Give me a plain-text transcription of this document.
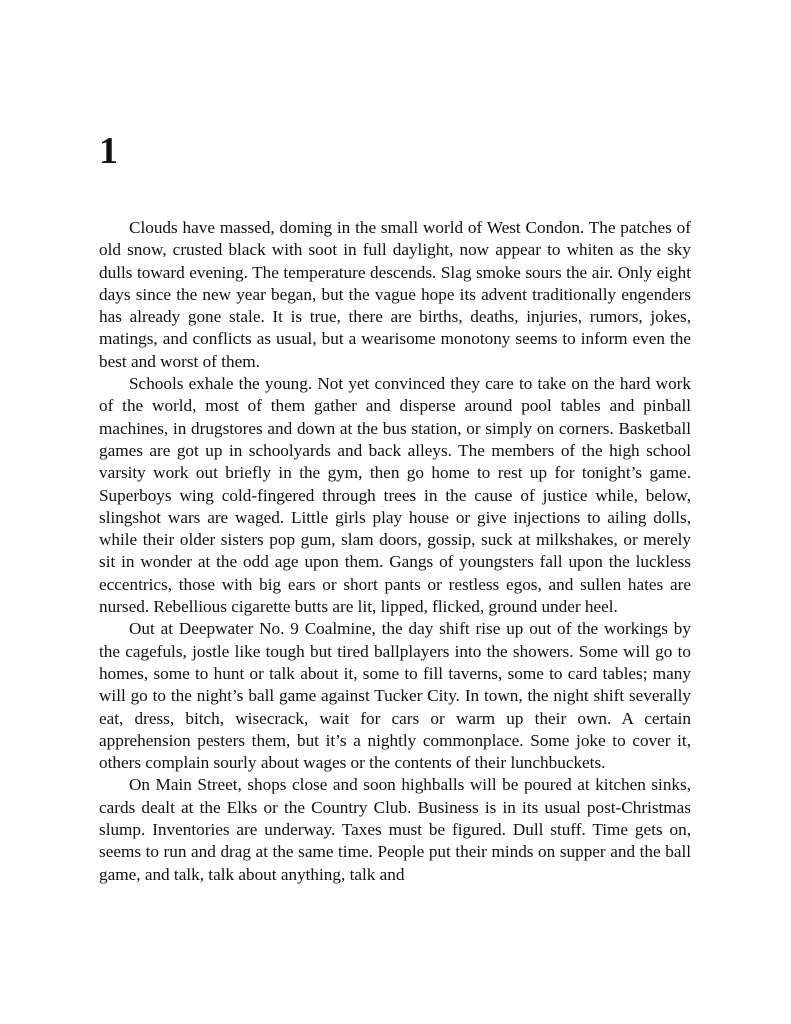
1

Clouds have massed, doming in the small world of West Condon. The patches of old snow, crusted black with soot in full daylight, now appear to whiten as the sky dulls toward evening. The temperature descends. Slag smoke sours the air. Only eight days since the new year began, but the vague hope its advent traditionally engenders has already gone stale. It is true, there are births, deaths, injuries, rumors, jokes, matings, and conflicts as usual, but a wearisome monotony seems to inform even the best and worst of them.

Schools exhale the young. Not yet convinced they care to take on the hard work of the world, most of them gather and disperse around pool tables and pinball machines, in drugstores and down at the bus station, or simply on corners. Basketball games are got up in schoolyards and back alleys. The members of the high school varsity work out briefly in the gym, then go home to rest up for tonight’s game. Superboys wing cold-fingered through trees in the cause of justice while, below, slingshot wars are waged. Little girls play house or give injections to ailing dolls, while their older sisters pop gum, slam doors, gossip, suck at milkshakes, or merely sit in wonder at the odd age upon them. Gangs of youngsters fall upon the luckless eccentrics, those with big ears or short pants or restless egos, and sullen hates are nursed. Rebellious cigarette butts are lit, lipped, flicked, ground under heel.

Out at Deepwater No. 9 Coalmine, the day shift rise up out of the workings by the cagefuls, jostle like tough but tired ballplayers into the showers. Some will go to homes, some to hunt or talk about it, some to fill taverns, some to card tables; many will go to the night’s ball game against Tucker City. In town, the night shift severally eat, dress, bitch, wisecrack, wait for cars or warm up their own. A certain apprehension pesters them, but it’s a nightly commonplace. Some joke to cover it, others complain sourly about wages or the contents of their lunchbuckets.

On Main Street, shops close and soon highballs will be poured at kitchen sinks, cards dealt at the Elks or the Country Club. Business is in its usual post-Christmas slump. Inventories are underway. Taxes must be figured. Dull stuff. Time gets on, seems to run and drag at the same time. People put their minds on supper and the ball game, and talk, talk about anything, talk and
